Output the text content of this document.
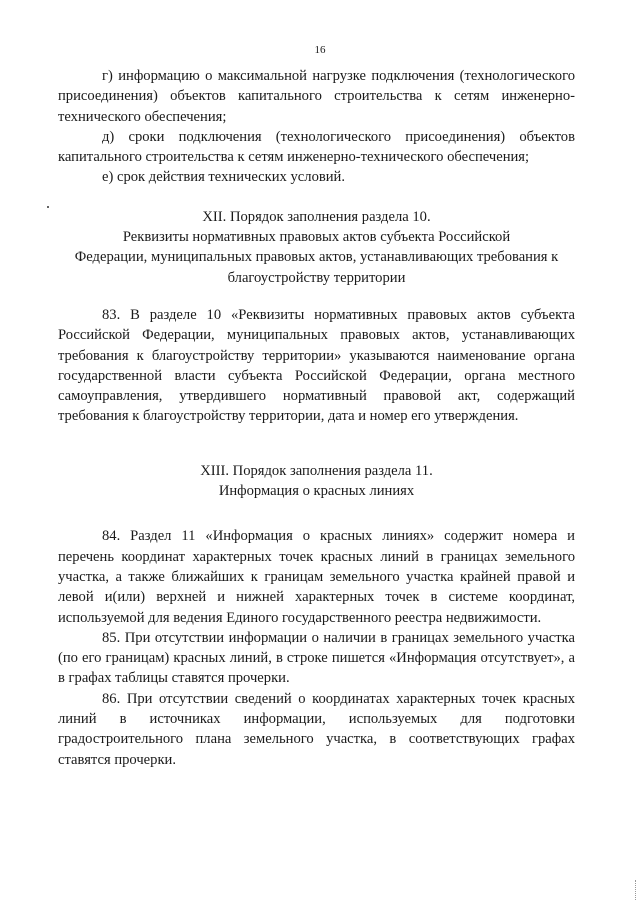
16

г) информацию о максимальной нагрузке подключения (технологического присоединения) объектов капитального строительства к сетям инженерно-технического обеспечения;

д) сроки подключения (технологического присоединения) объектов капитального строительства к сетям инженерно-технического обеспечения;

е) срок действия технических условий.

XII. Порядок заполнения раздела 10.
Реквизиты нормативных правовых актов субъекта Российской
Федерации, муниципальных правовых актов, устанавливающих требования к
благоустройству территории

83. В разделе 10 «Реквизиты нормативных правовых актов субъекта Российской Федерации, муниципальных правовых актов, устанавливающих требования к благоустройству территории» указываются наименование органа государственной власти субъекта Российской Федерации, органа местного самоуправления, утвердившего нормативный правовой акт, содержащий требования к благоустройству территории, дата и номер его утверждения.

XIII. Порядок заполнения раздела 11.
Информация о красных линиях

84. Раздел 11 «Информация о красных линиях» содержит номера и перечень координат характерных точек красных линий в границах земельного участка, а также ближайших к границам земельного участка крайней правой и левой и(или) верхней и нижней характерных точек в системе координат, используемой для ведения Единого государственного реестра недвижимости.

85. При отсутствии информации о наличии в границах земельного участка (по его границам) красных линий, в строке пишется «Информация отсутствует», а в графах таблицы ставятся прочерки.

86. При отсутствии сведений о координатах характерных точек красных линий в источниках информации, используемых для подготовки градостроительного плана земельного участка, в соответствующих графах ставятся прочерки.
